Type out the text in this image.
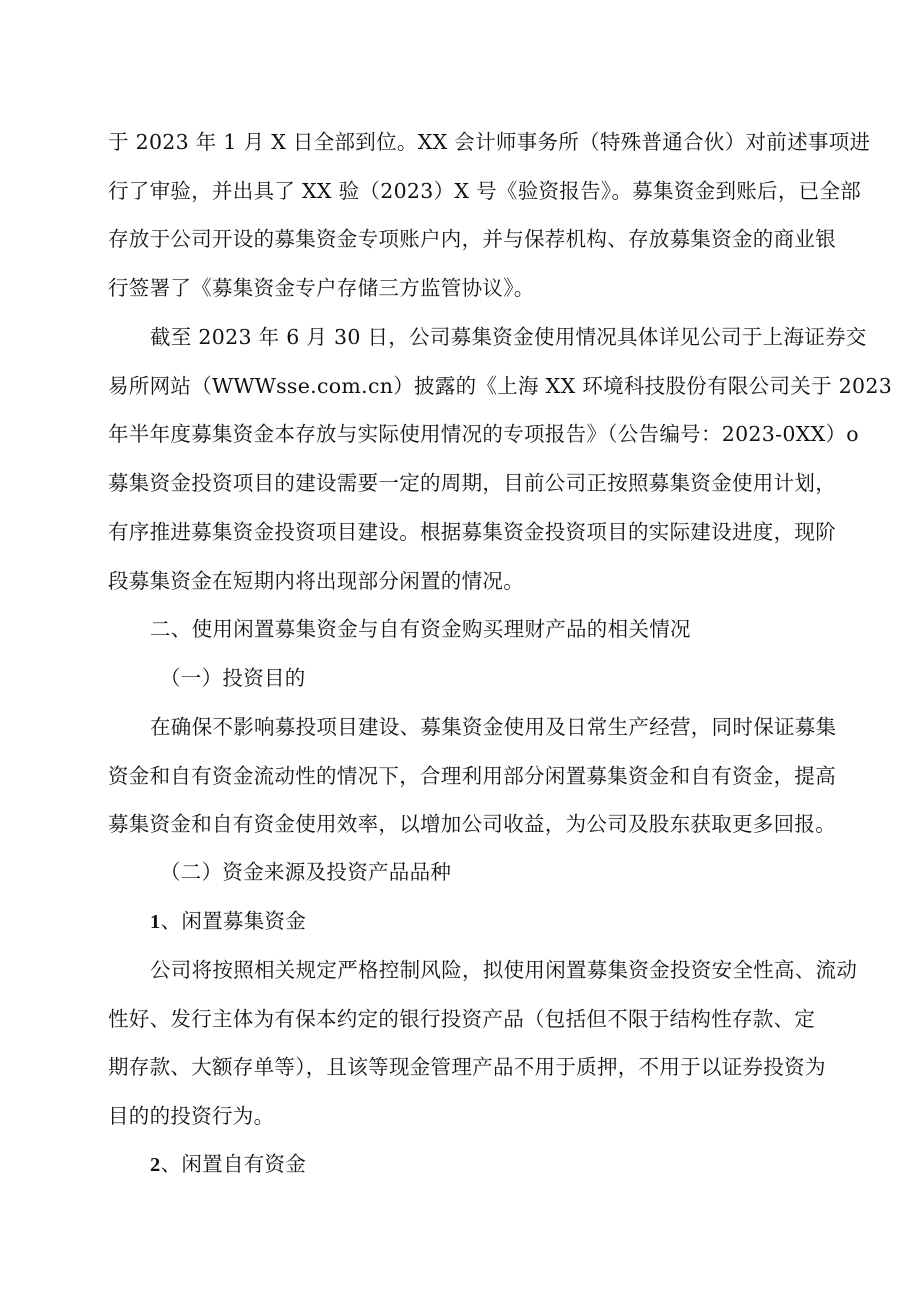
于 2023 年 1 月 X 日全部到位。XX 会计师事务所（特殊普通合伙）对前述事项进
行了审验，并出具了 XX 验（2023）X 号《验资报告》。募集资金到账后，已全部
存放于公司开设的募集资金专项账户内，并与保荐机构、存放募集资金的商业银
行签署了《募集资金专户存储三方监管协议》。
截至 2023 年 6 月 30 日，公司募集资金使用情况具体详见公司于上海证券交
易所网站（WWWsse.com.cn）披露的《上海 XX 环境科技股份有限公司关于 2023
年半年度募集资金本存放与实际使用情况的专项报告》（公告编号：2023-0XX）o
募集资金投资项目的建设需要一定的周期，目前公司正按照募集资金使用计划，
有序推进募集资金投资项目建设。根据募集资金投资项目的实际建设进度，现阶
段募集资金在短期内将出现部分闲置的情况。

二、使用闲置募集资金与自有资金购买理财产品的相关情况

（一）投资目的

在确保不影响募投项目建设、募集资金使用及日常生产经营，同时保证募集
资金和自有资金流动性的情况下，合理利用部分闲置募集资金和自有资金，提高
募集资金和自有资金使用效率，以增加公司收益，为公司及股东获取更多回报。

（二）资金来源及投资产品品种

1、闲置募集资金

公司将按照相关规定严格控制风险，拟使用闲置募集资金投资安全性高、流动
性好、发行主体为有保本约定的银行投资产品（包括但不限于结构性存款、定
期存款、大额存单等），且该等现金管理产品不用于质押，不用于以证券投资为
目的的投资行为。

2、闲置自有资金
